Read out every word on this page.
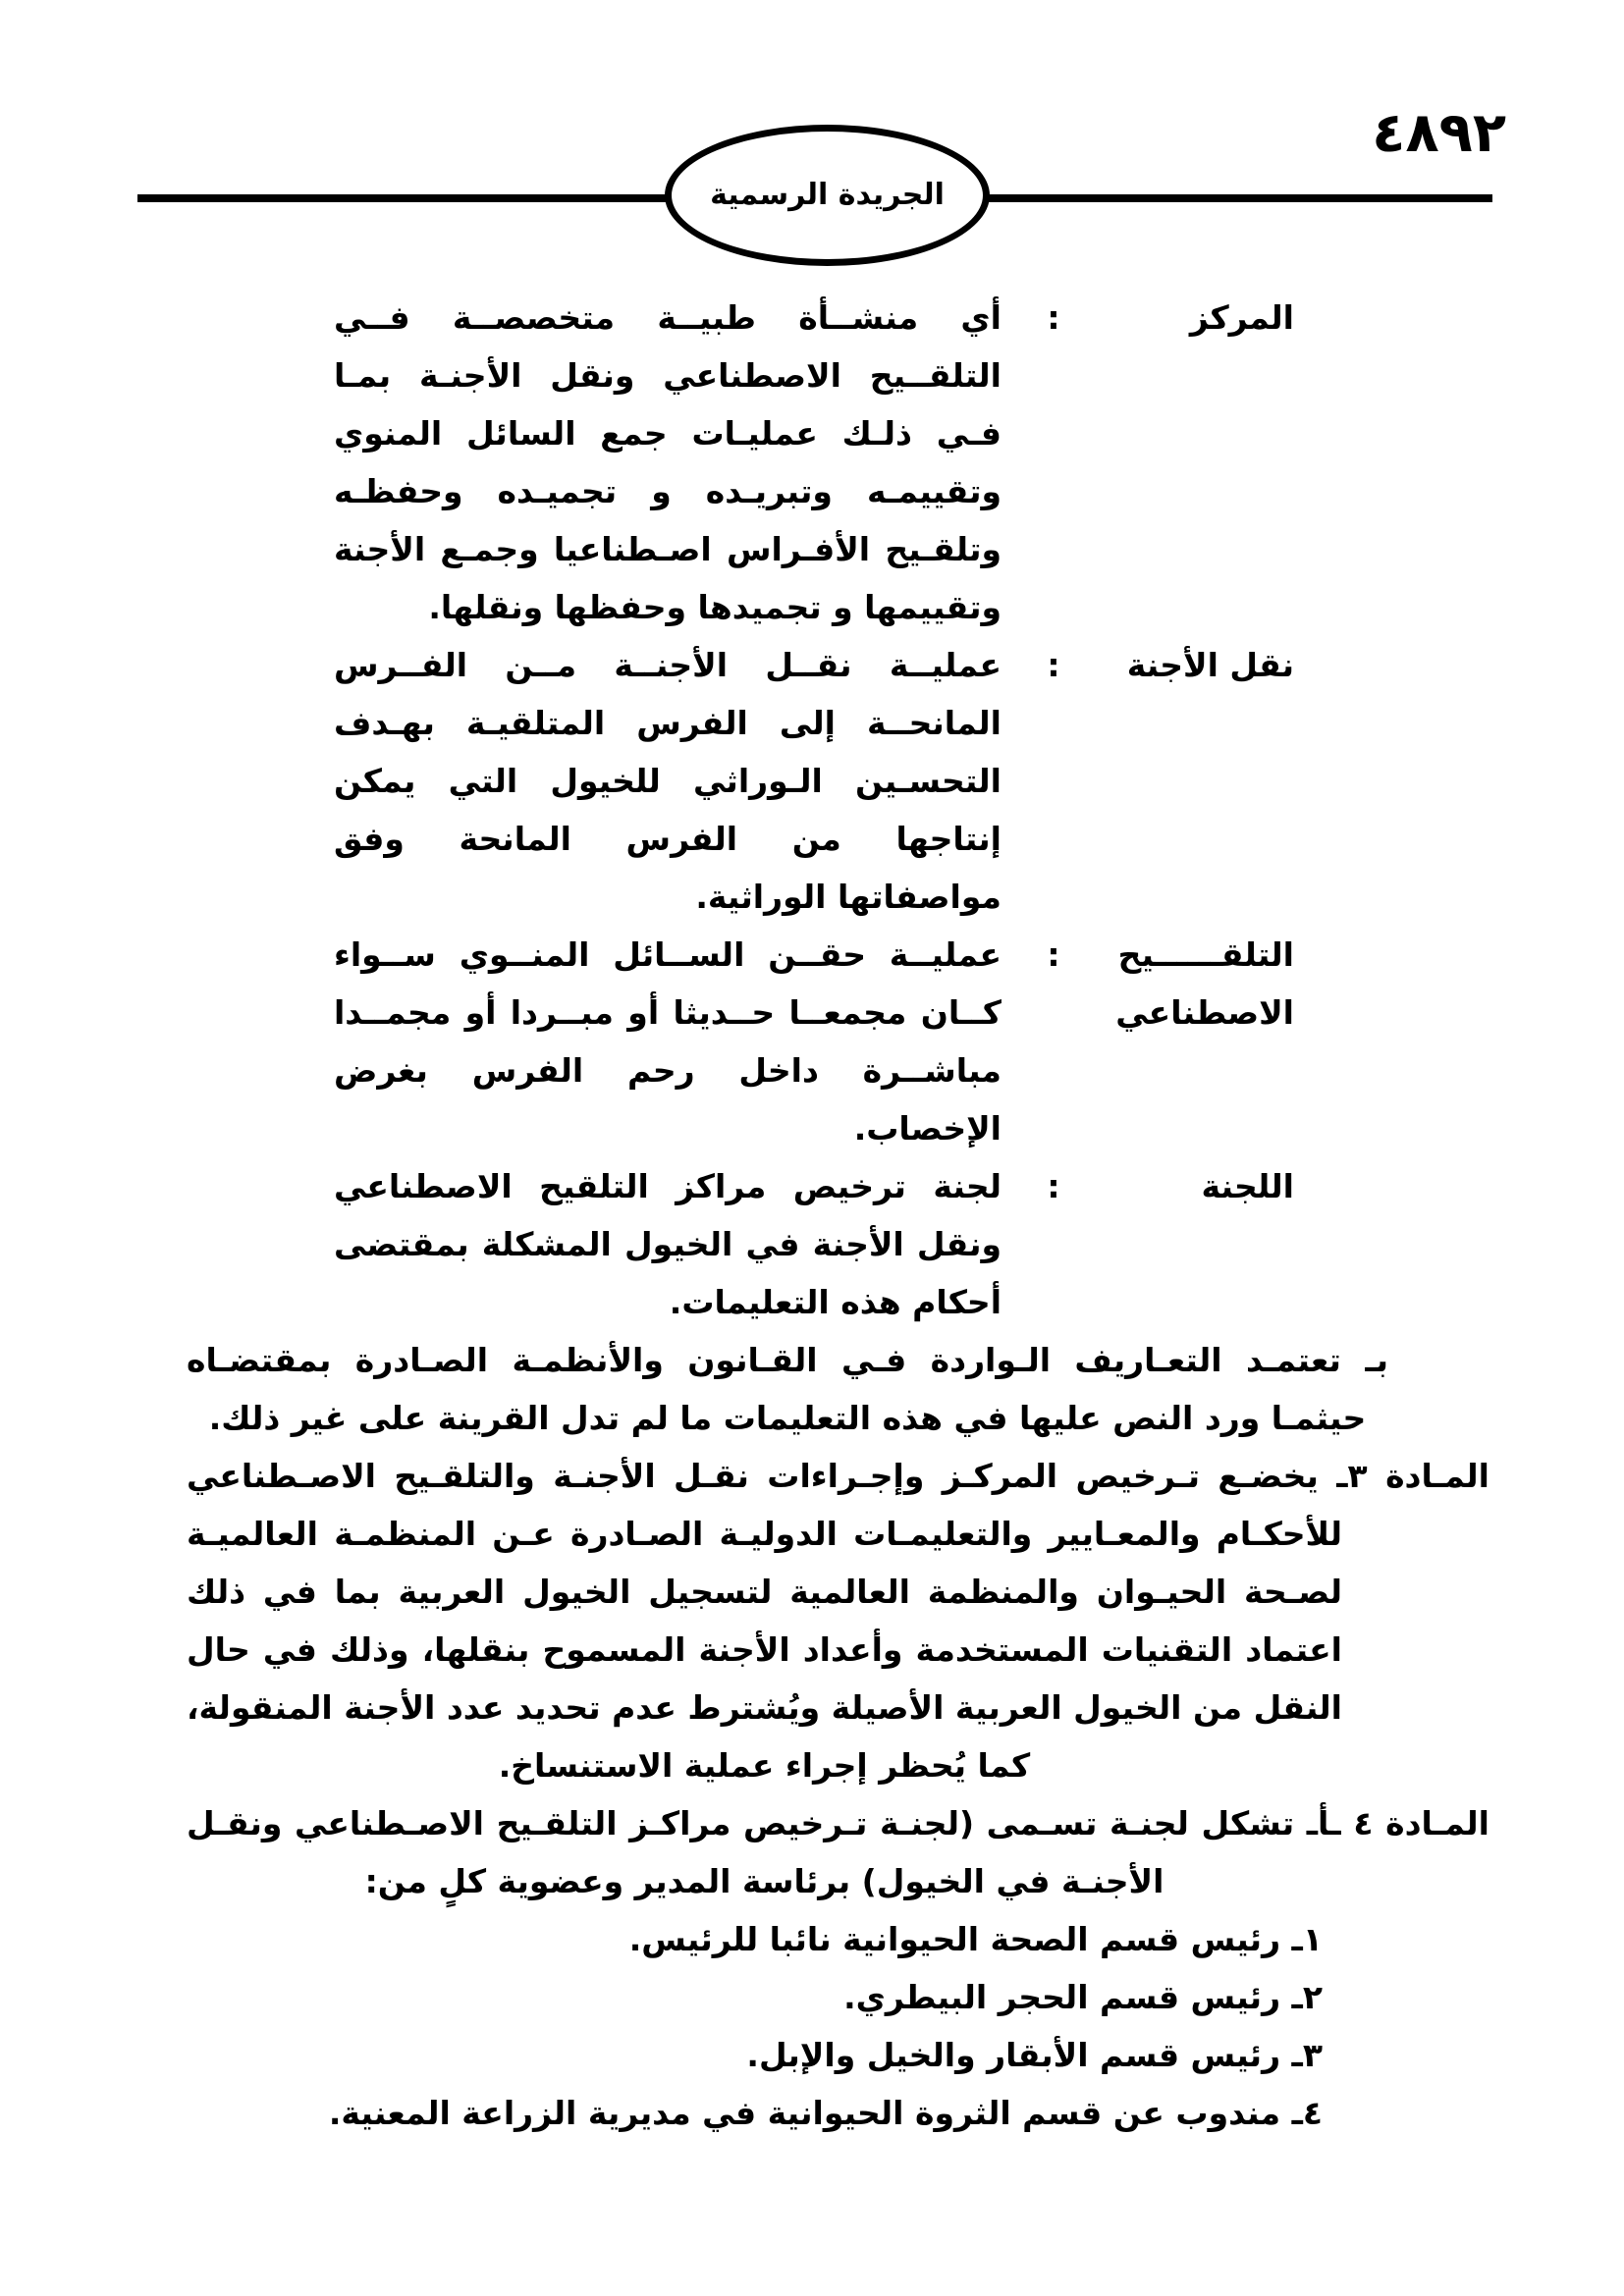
٤٨٩٢
الجريدة الرسمية
المركز
:
أي منشــأة طبيــة متخصصــة فــي التلقــيح الاصطناعي ونقل الأجنـة بمـا فـي ذلـك عمليـات جمع السائل المنوي وتقييمـه وتبريـده و تجميـده وحفظـه وتلقـيح الأفـراس اصـطناعيا وجمـع الأجنة وتقييمها و تجميدها وحفظها ونقلها.
نقل الأجنة
:
عمليــة نقــل الأجنــة مــن الفــرس المانحــة إلى الفرس المتلقيـة بهـدف التحسـين الـوراثي للخيول التي يمكن إنتاجها من الفرس المانحة وفق مواصفاتها الوراثية.
التلقــــــيح
الاصطناعي
:
عمليــة حقــن الســائل المنــوي ســواء كــان مجمعــا حــديثا أو مبــردا أو مجمــدا مباشــرة داخل رحم الفرس بغرض الإخصاب.
اللجنة
:
لجنة ترخيص مراكز التلقيح الاصطناعي ونقل الأجنة في الخيول المشكلة بمقتضى أحكام هذه التعليمات.
بـ تعتمـد التعـاريف الـواردة فـي القـانون والأنظمـة الصـادرة بمقتضـاه حيثمـا ورد النص عليها في هذه التعليمات ما لم تدل القرينة على غير ذلك.
المـادة ٣ـ يخضـع تـرخيص المركـز وإجـراءات نقـل الأجنـة والتلقـيح الاصـطناعي للأحكـام والمعـايير والتعليمـات الدوليـة الصـادرة عـن المنظمـة العالميـة لصـحة الحيـوان والمنظمة العالمية لتسجيل الخيول العربية بما في ذلك اعتماد التقنيات المستخدمة وأعداد الأجنة المسموح بنقلها، وذلك في حال النقل من الخيول العربية الأصيلة ويُشترط عدم تحديد عدد الأجنة المنقولة، كما يُحظر إجراء عملية الاستنساخ.
المـادة ٤ ـأـ تشكل لجنـة تسـمى (لجنـة تـرخيص مراكـز التلقـيح الاصـطناعي ونقـل الأجنـة في الخيول) برئاسة المدير وعضوية كلٍ من:
١ـ رئيس قسم الصحة الحيوانية نائبا للرئيس.
٢ـ رئيس قسم الحجر البيطري.
٣ـ رئيس قسم الأبقار والخيل والإبل.
٤ـ مندوب عن قسم الثروة الحيوانية في مديرية الزراعة المعنية.
